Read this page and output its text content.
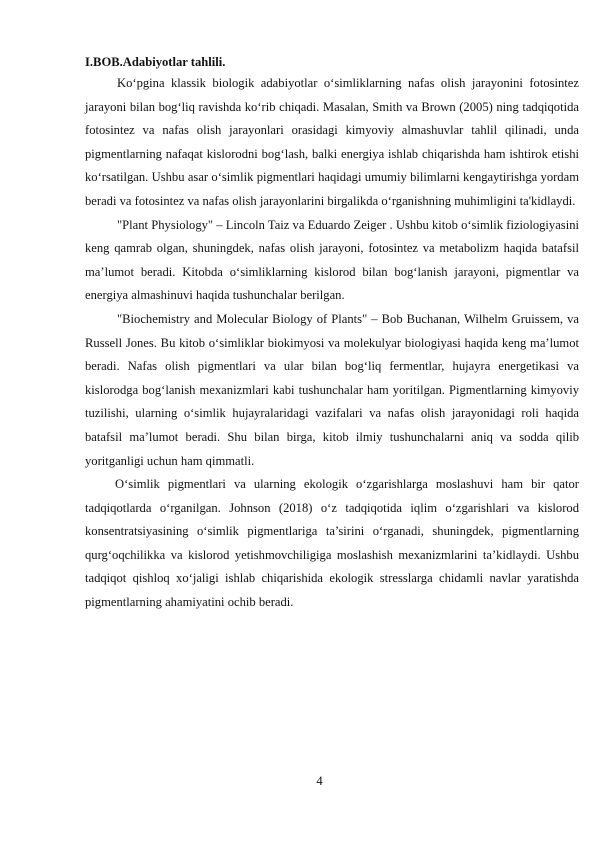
I.BOB.Adabiyotlar tahlili.

Ko‘pgina klassik biologik adabiyotlar o‘simliklarning nafas olish jarayonini fotosintez jarayoni bilan bog‘liq ravishda ko‘rib chiqadi. Masalan, Smith va Brown (2005) ning tadqiqotida fotosintez va nafas olish jarayonlari orasidagi kimyoviy almashuvlar tahlil qilinadi, unda pigmentlarning nafaqat kislorodni bog‘lash, balki energiya ishlab chiqarishda ham ishtirok etishi ko‘rsatilgan. Ushbu asar o‘simlik pigmentlari haqidagi umumiy bilimlarni kengaytirishga yordam beradi va fotosintez va nafas olish jarayonlarini birgalikda o‘rganishning muhimligini ta'kidlaydi.

"Plant Physiology" – Lincoln Taiz va Eduardo Zeiger . Ushbu kitob o‘simlik fiziologiyasini keng qamrab olgan, shuningdek, nafas olish jarayoni, fotosintez va metabolizm haqida batafsil ma’lumot beradi. Kitobda o‘simliklarning kislorod bilan bog‘lanish jarayoni, pigmentlar va energiya almashinuvi haqida tushunchalar berilgan.

"Biochemistry and Molecular Biology of Plants" – Bob Buchanan, Wilhelm Gruissem, va Russell Jones. Bu kitob o‘simliklar biokimyosi va molekulyar biologiyasi haqida keng ma’lumot beradi. Nafas olish pigmentlari va ular bilan bog‘liq fermentlar, hujayra energetikasi va kislorodga bog‘lanish mexanizmlari kabi tushunchalar ham yoritilgan. Pigmentlarning kimyoviy tuzilishi, ularning o‘simlik hujayralaridagi vazifalari va nafas olish jarayonidagi roli haqida batafsil ma’lumot beradi. Shu bilan birga, kitob ilmiy tushunchalarni aniq va sodda qilib yoritganligi uchun ham qimmatli.

O‘simlik pigmentlari va ularning ekologik o‘zgarishlarga moslashuvi ham bir qator tadqiqotlarda o‘rganilgan. Johnson (2018) o‘z tadqiqotida iqlim o‘zgarishlari va kislorod konsentratsiyasining o‘simlik pigmentlariga ta’sirini o‘rganadi, shuningdek, pigmentlarning qurg‘oqchilikka va kislorod yetishmovchiligiga moslashish mexanizmlarini ta’kidlaydi. Ushbu tadqiqot qishloq xo‘jaligi ishlab chiqarishida ekologik stresslarga chidamli navlar yaratishda pigmentlarning ahamiyatini ochib beradi.

4
